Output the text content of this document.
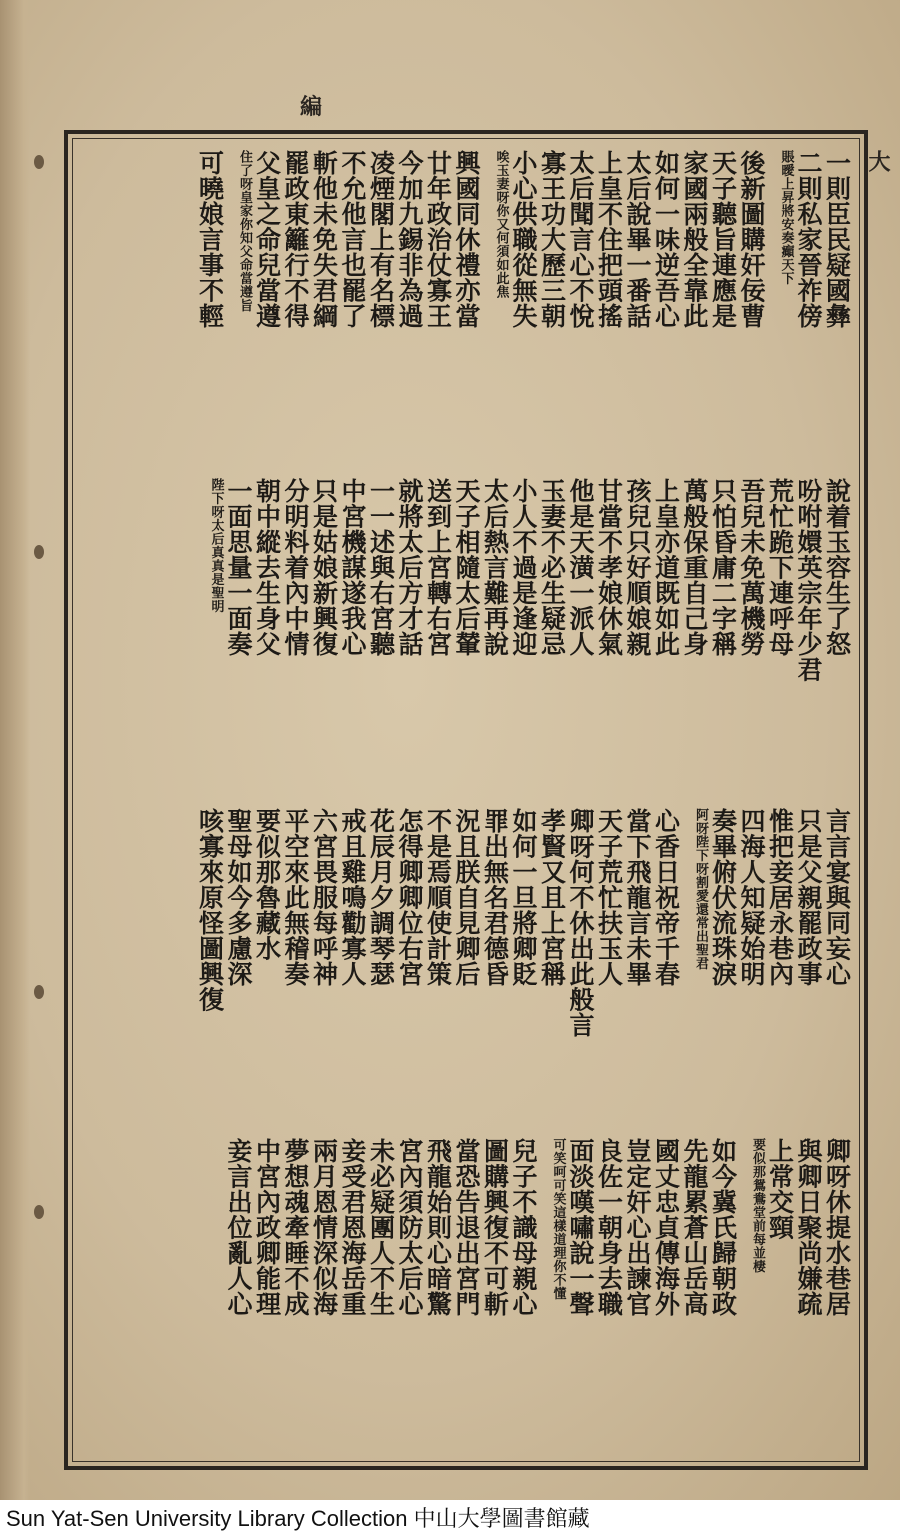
編
大
一則臣民疑國彝
二則私家晉祚傍
賬曖上昇將安奏癲天下
後新圖購奸佞曹
天子聽旨連應是
家國兩般全靠此
如何一味逆吾心
太后說畢一番話
上皇不住把頭搖
太后聞言心不悅
寡王功大歷三朝
小心供職從無失
唉玉妻呀你又何須如此焦
興國同休禮亦當
廿年政治仗寡王
今加九錫非為過
凌煙閣上有名標
不允他言也罷了
斬他未免失君綱
罷政東籬行不得
父皇之命兒當遵
住了呀皇家你知父命當遵旨
可曉娘言事不輕
說着玉容生了怒
吩咐嬛英宗年少君
荒忙跪下連呼母
吾兒未免萬機勞
只怕昏庸二字稱
萬般保重自己身
上皇亦道既如此
孩兒只好順娘親
甘當不孝娘休氣
他是天潢一派人
玉妻不必生疑忌
小人不過是逢迎
太后熱言難再說
天子相隨太后輦
送到上宮轉右宮
就將太后方才話
一一述與右宮聽
中宮機謀遂我心
只是姑娘新興復
分明料着內中情
朝中縱去生身父
一面思量一面奏
陛下呀太后真真是聖明
言言宴與同妄心
只是父親罷政事
惟把妾居永巷內
四海人知疑始明
奏畢俯伏流珠淚
阿呀陛下呀割愛還常出聖君
心香日祝帝千春
當下飛龍言未畢
天子荒忙扶玉人
卿呀何不休出此般言
孝賢又且上宮稱
如何一旦將卿貶
罪出無名君德昏
況且朕自見卿后
不是焉順使計策
怎得卿卿位右宮
花辰月夕調琴瑟
戒且雞鳴勸寡人
六宮畏服每呼神
平空來此無稽奏
要似那魯藏水
聖母如今多慮深
咳寡來原怪圖興復
卿呀休提水巷居
與卿日聚尚嫌疏
上常交頸
要似那鴛鴦堂前每並棲
如今冀氏歸朝政
先龍累蒼山岳高
國丈忠貞傳海外
豈定奸心出諫官
良佐一朝身去職
面淡嘆嘯說一聲
可笑呵可笑這樣道理你不懂
兒子不識母親心
圖購興復不可斬
當恐告退出宮門
飛龍始則心暗驚
宮內須防太后心
未必疑團人不生
妾受君恩海岳重
兩月恩情深似海
夢想魂牽睡不成
中宮內政卿能理
妾言出位亂人心
Sun Yat-Sen University Library Collection 中山大學圖書館藏
